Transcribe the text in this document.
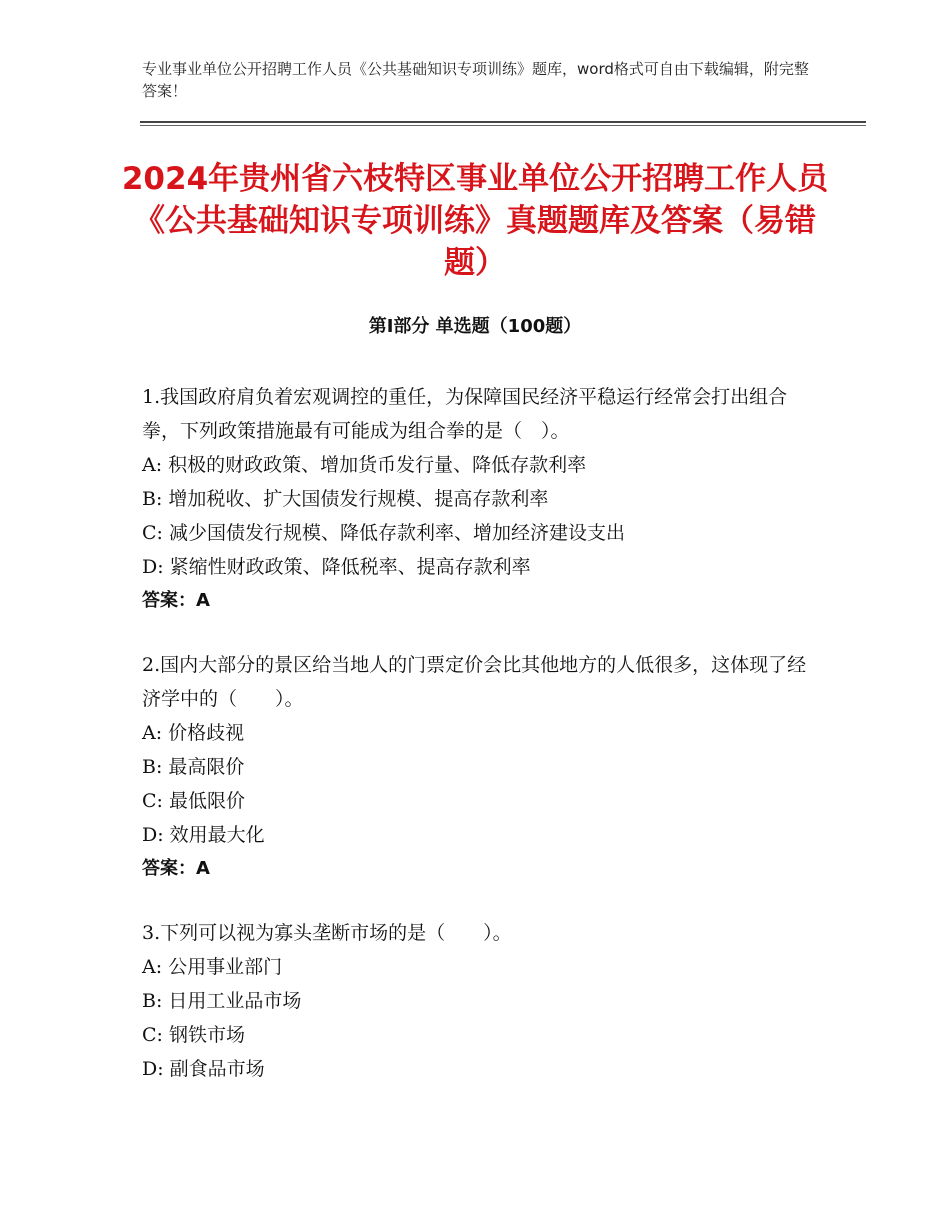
专业事业单位公开招聘工作人员《公共基础知识专项训练》题库，word格式可自由下载编辑，附完整答案！
2024年贵州省六枝特区事业单位公开招聘工作人员《公共基础知识专项训练》真题题库及答案（易错题）
第Ⅰ部分 单选题（100题）
1.我国政府肩负着宏观调控的重任，为保障国民经济平稳运行经常会打出组合拳，下列政策措施最有可能成为组合拳的是（　）。
A: 积极的财政政策、增加货币发行量、降低存款利率
B: 增加税收、扩大国债发行规模、提高存款利率
C: 减少国债发行规模、降低存款利率、增加经济建设支出
D: 紧缩性财政政策、降低税率、提高存款利率
答案：A
2.国内大部分的景区给当地人的门票定价会比其他地方的人低很多，这体现了经济学中的（　　）。
A: 价格歧视
B: 最高限价
C: 最低限价
D: 效用最大化
答案：A
3.下列可以视为寡头垄断市场的是（　　）。
A: 公用事业部门
B: 日用工业品市场
C: 钢铁市场
D: 副食品市场
